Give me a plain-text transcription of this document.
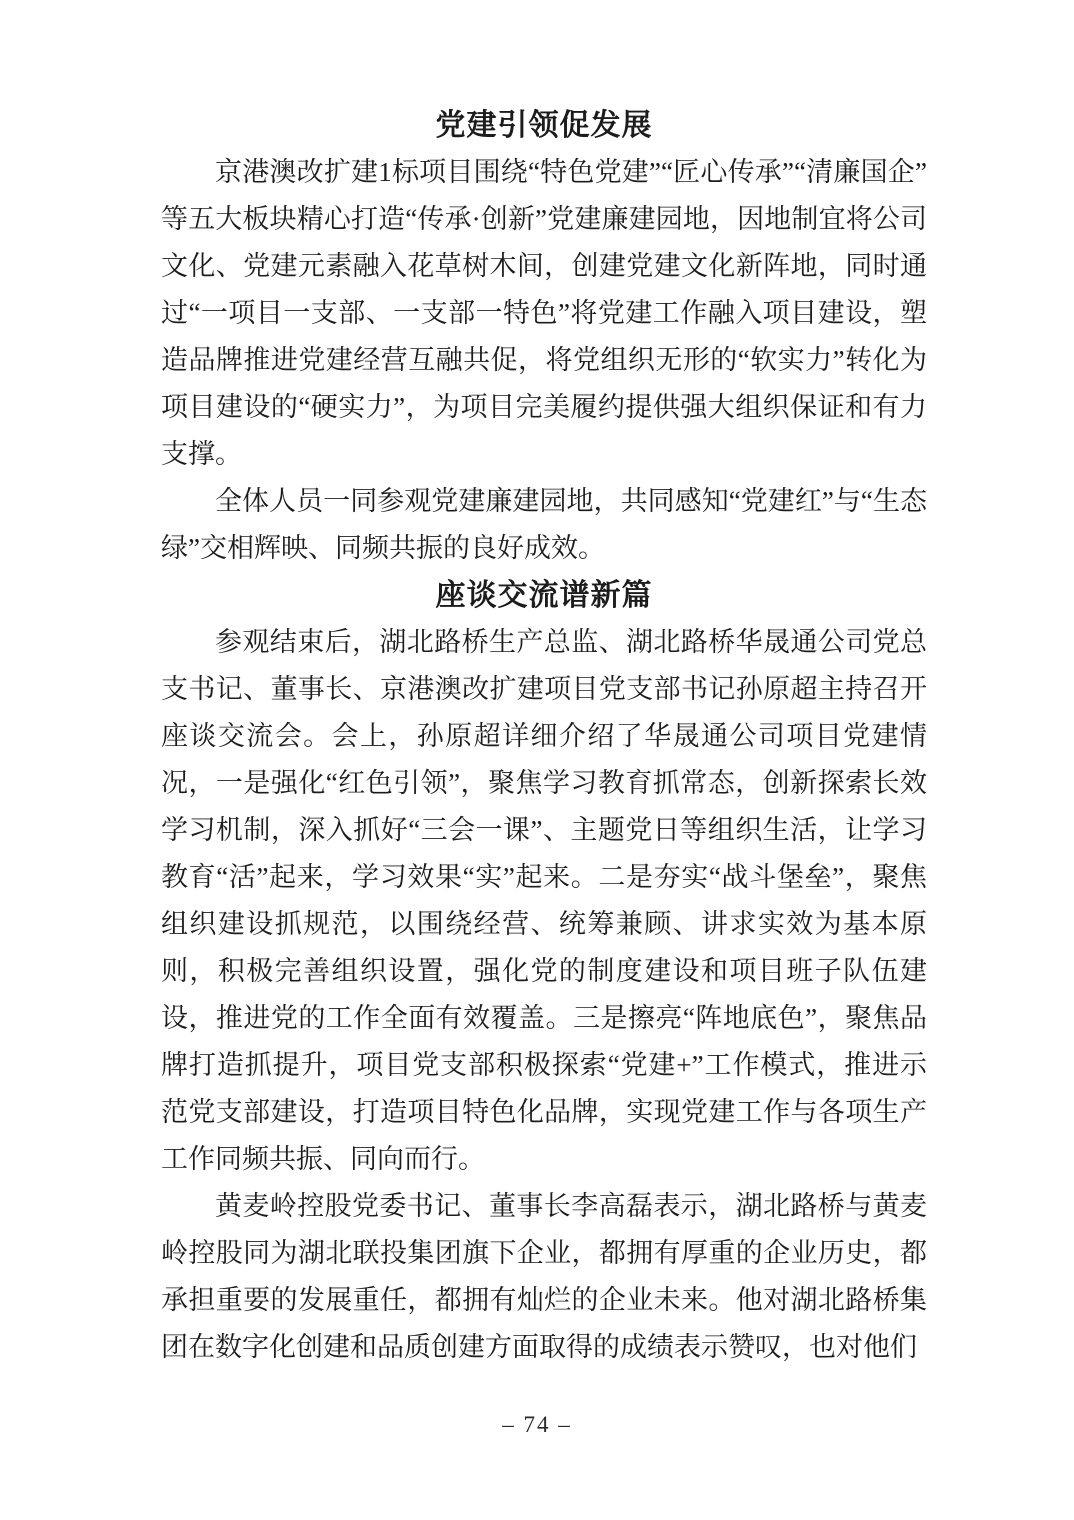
党建引领促发展

京港澳改扩建1标项目围绕“特色党建”“匠心传承”“清廉国企”等五大板块精心打造“传承·创新”党建廉建园地，因地制宜将公司文化、党建元素融入花草树木间，创建党建文化新阵地，同时通过“一项目一支部、一支部一特色”将党建工作融入项目建设，塑造品牌推进党建经营互融共促，将党组织无形的“软实力”转化为项目建设的“硬实力”，为项目完美履约提供强大组织保证和有力支撑。

全体人员一同参观党建廉建园地，共同感知“党建红”与“生态绿”交相辉映、同频共振的良好成效。

座谈交流谱新篇

参观结束后，湖北路桥生产总监、湖北路桥华晟通公司党总支书记、董事长、京港澳改扩建项目党支部书记孙原超主持召开座谈交流会。会上，孙原超详细介绍了华晟通公司项目党建情况，一是强化“红色引领”，聚焦学习教育抓常态，创新探索长效学习机制，深入抓好“三会一课”、主题党日等组织生活，让学习教育“活”起来，学习效果“实”起来。二是夯实“战斗堡垒”，聚焦组织建设抓规范，以围绕经营、统筹兼顾、讲求实效为基本原则，积极完善组织设置，强化党的制度建设和项目班子队伍建设，推进党的工作全面有效覆盖。三是擦亮“阵地底色”，聚焦品牌打造抓提升，项目党支部积极探索“党建+”工作模式，推进示范党支部建设，打造项目特色化品牌，实现党建工作与各项生产工作同频共振、同向而行。

黄麦岭控股党委书记、董事长李高磊表示，湖北路桥与黄麦岭控股同为湖北联投集团旗下企业，都拥有厚重的企业历史，都承担重要的发展重任，都拥有灿烂的企业未来。他对湖北路桥集团在数字化创建和品质创建方面取得的成绩表示赞叹，也对他们

– 74 –
